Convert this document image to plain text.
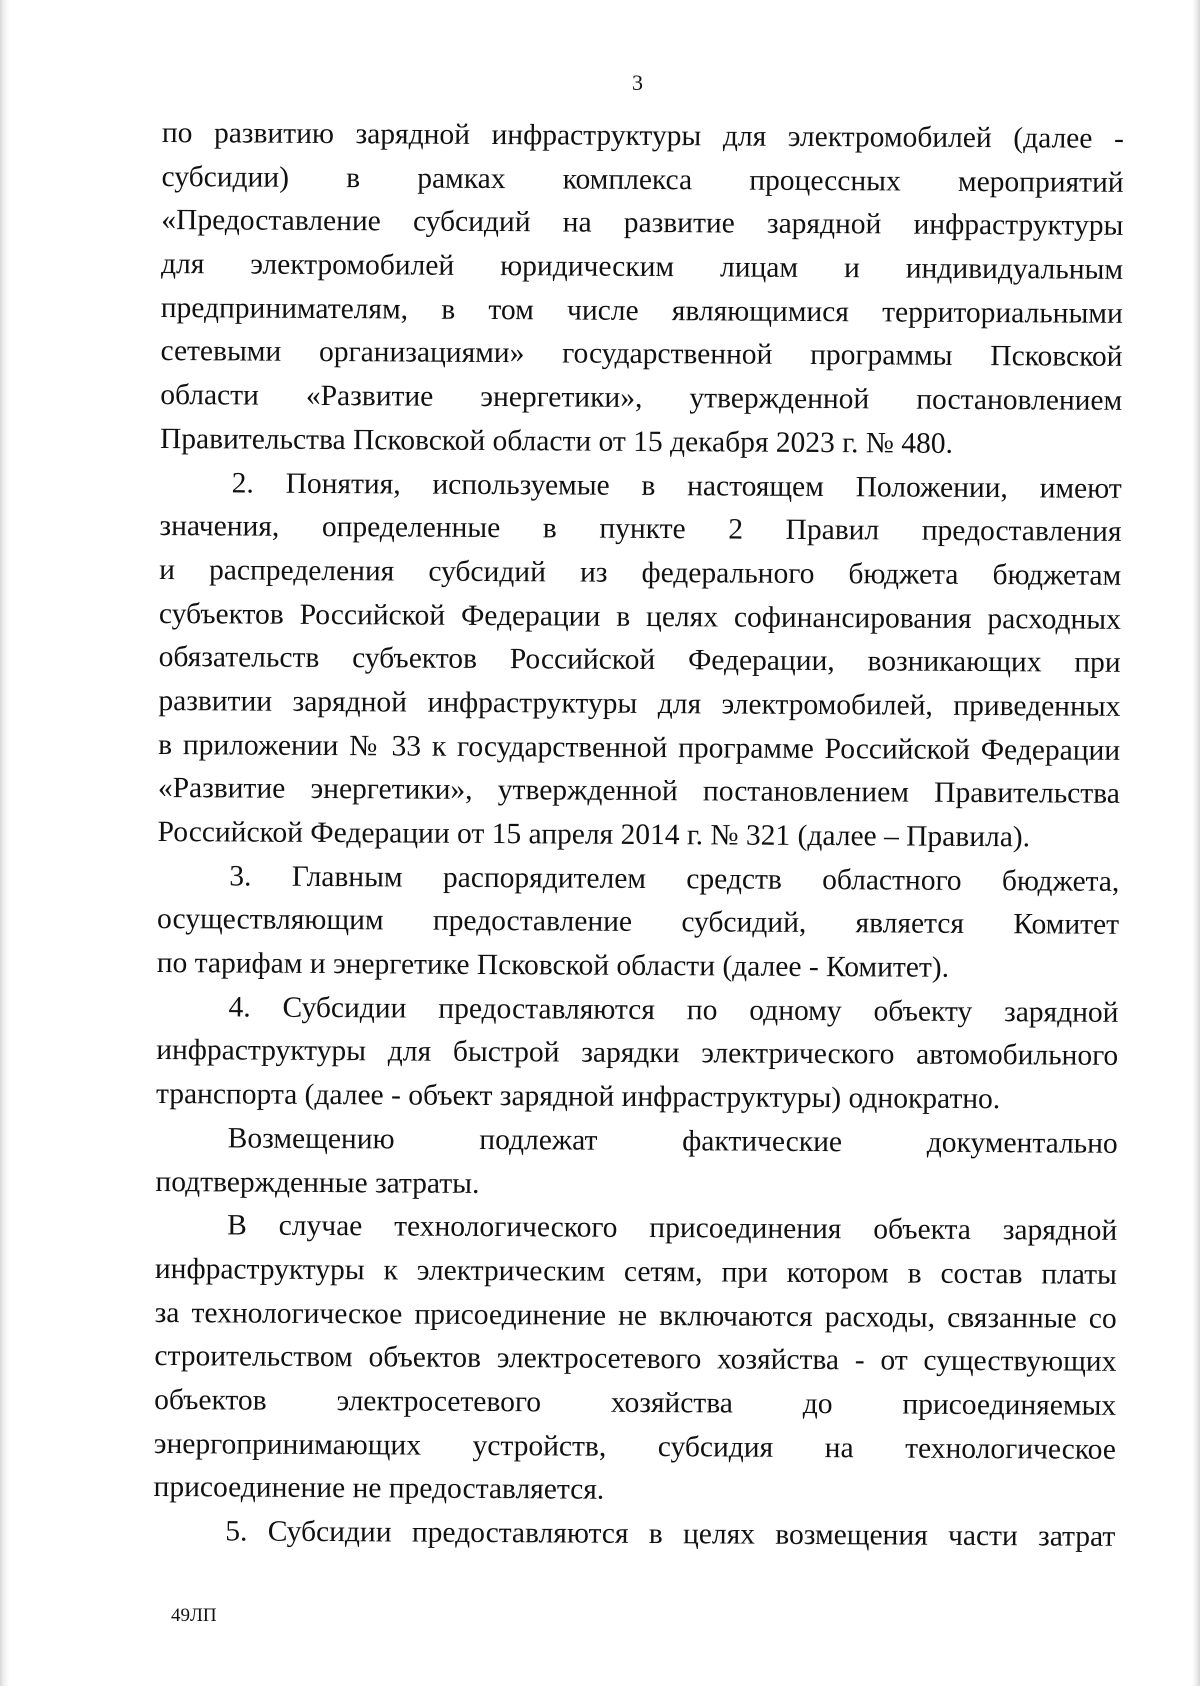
3
по развитию зарядной инфраструктуры для электромобилей (далее -
субсидии) в рамках комплекса процессных мероприятий
«Предоставление субсидий на развитие зарядной инфраструктуры
для электромобилей юридическим лицам и индивидуальным
предпринимателям, в том числе являющимися территориальными
сетевыми организациями» государственной программы Псковской
области «Развитие энергетики», утвержденной постановлением
Правительства Псковской области от 15 декабря 2023 г. № 480.
2. Понятия, используемые в настоящем Положении, имеют
значения, определенные в пункте 2 Правил предоставления
и распределения субсидий из федерального бюджета бюджетам
субъектов Российской Федерации в целях софинансирования расходных
обязательств субъектов Российской Федерации, возникающих при
развитии зарядной инфраструктуры для электромобилей, приведенных
в приложении № 33 к государственной программе Российской Федерации
«Развитие энергетики», утвержденной постановлением Правительства
Российской Федерации от 15 апреля 2014 г. № 321 (далее – Правила).
3. Главным распорядителем средств областного бюджета,
осуществляющим предоставление субсидий, является Комитет
по тарифам и энергетике Псковской области (далее - Комитет).
4. Субсидии предоставляются по одному объекту зарядной
инфраструктуры для быстрой зарядки электрического автомобильного
транспорта (далее - объект зарядной инфраструктуры) однократно.
Возмещению подлежат фактические документально
подтвержденные затраты.
В случае технологического присоединения объекта зарядной
инфраструктуры к электрическим сетям, при котором в состав платы
за технологическое присоединение не включаются расходы, связанные со
строительством объектов электросетевого хозяйства - от существующих
объектов электросетевого хозяйства до присоединяемых
энергопринимающих устройств, субсидия на технологическое
присоединение не предоставляется.
5. Субсидии предоставляются в целях возмещения части затрат
49ЛП
